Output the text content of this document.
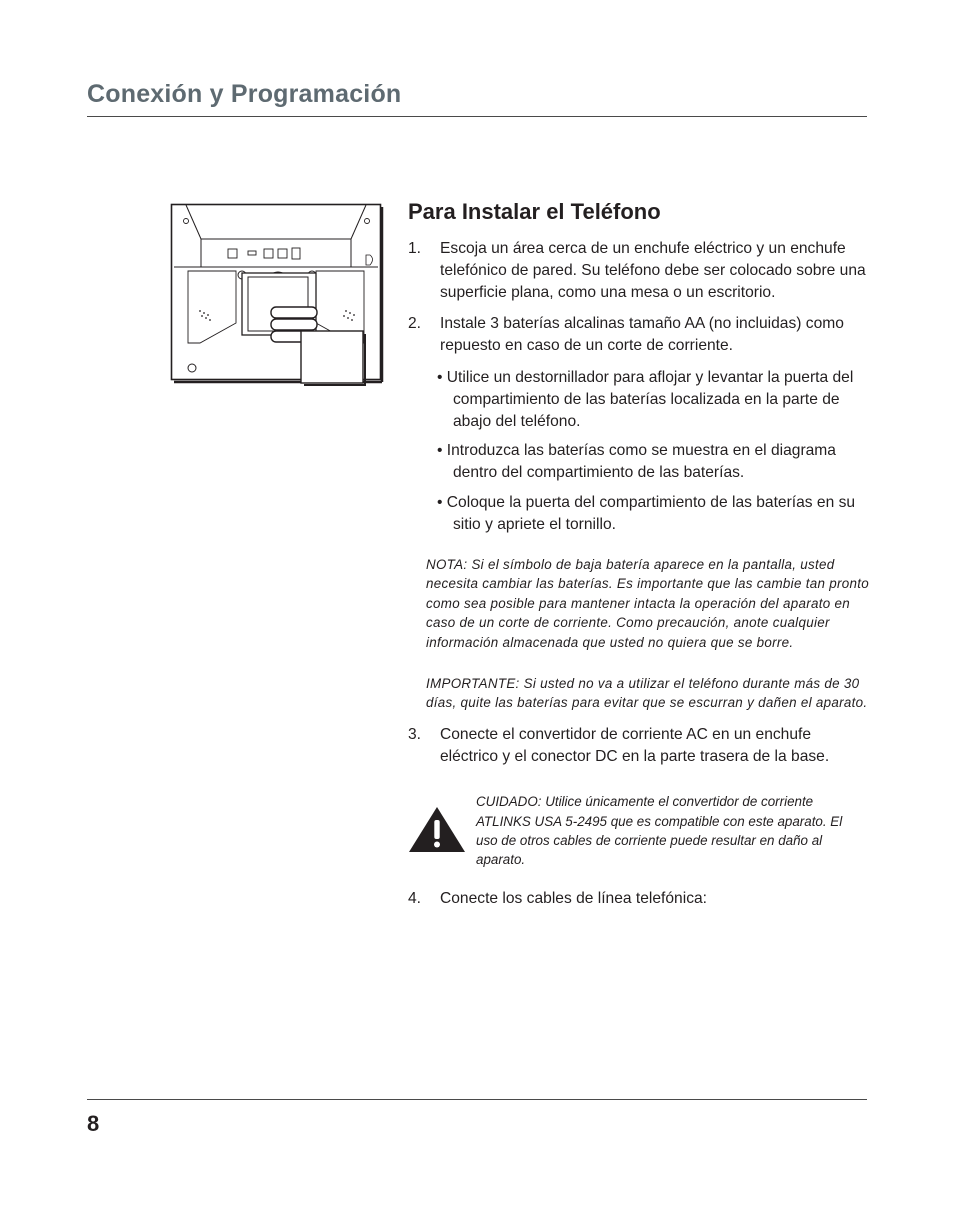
Conexión y Programación
Para Instalar el Teléfono
1. Escoja un área cerca de un enchufe eléctrico y un enchufe telefónico de pared. Su teléfono debe ser colocado sobre una superficie plana, como una mesa o un escritorio.
2. Instale 3 baterías alcalinas tamaño AA (no incluidas) como repuesto en caso de un corte de corriente.

• Utilice un destornillador para aflojar y levantar la puerta del compartimiento de las baterías localizada en la parte de abajo del teléfono.

• Introduzca las baterías como se muestra en el diagrama dentro del compartimiento de las baterías.

• Coloque la puerta del compartimiento de las baterías en su sitio y apriete el tornillo.

NOTA: Si el símbolo de baja batería aparece en la pantalla, usted necesita cambiar las baterías. Es importante que las cambie tan pronto como sea posible para mantener intacta la operación del aparato en caso de un corte de corriente. Como precaución, anote cualquier información almacenada que usted no quiera que se borre.

IMPORTANTE: Si usted no va a utilizar el teléfono durante más de 30 días, quite las baterías para evitar que se escurran y dañen el aparato.

3. Conecte el convertidor de corriente AC en un enchufe eléctrico y el conector DC en la parte trasera de la base.

CUIDADO: Utilice únicamente el convertidor de corriente ATLINKS USA 5-2495 que es compatible con este aparato. El uso de otros cables de corriente puede resultar en daño al aparato.

4. Conecte los cables de línea telefónica:

8
